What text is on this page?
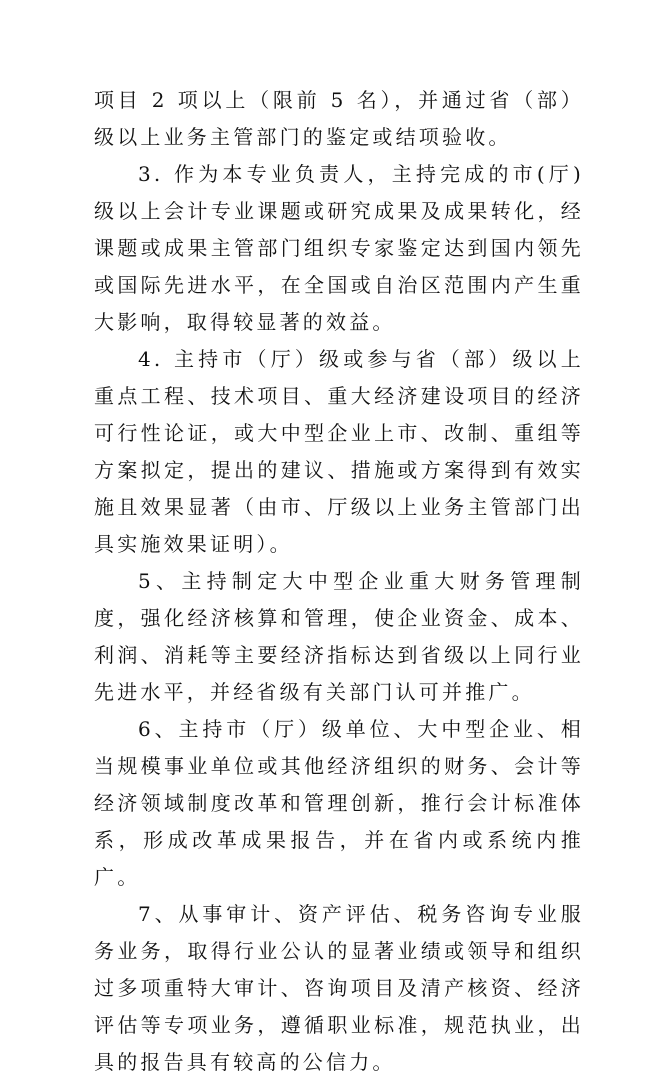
项目 2 项以上（限前 5 名），并通过省（部）级以上业务主管部门的鉴定或结项验收。

3. 作为本专业负责人，主持完成的市(厅)级以上会计专业课题或研究成果及成果转化，经课题或成果主管部门组织专家鉴定达到国内领先或国际先进水平，在全国或自治区范围内产生重大影响，取得较显著的效益。

4. 主持市（厅）级或参与省（部）级以上重点工程、技术项目、重大经济建设项目的经济可行性论证，或大中型企业上市、改制、重组等方案拟定，提出的建议、措施或方案得到有效实施且效果显著（由市、厅级以上业务主管部门出具实施效果证明）。

5、主持制定大中型企业重大财务管理制度，强化经济核算和管理，使企业资金、成本、利润、消耗等主要经济指标达到省级以上同行业先进水平，并经省级有关部门认可并推广。

6、主持市（厅）级单位、大中型企业、相当规模事业单位或其他经济组织的财务、会计等经济领域制度改革和管理创新，推行会计标准体系，形成改革成果报告，并在省内或系统内推广。

7、从事审计、资产评估、税务咨询专业服务业务，取得行业公认的显著业绩或领导和组织过多项重特大审计、咨询项目及清产核资、经济评估等专项业务，遵循职业标准，规范执业，出具的报告具有较高的公信力。
